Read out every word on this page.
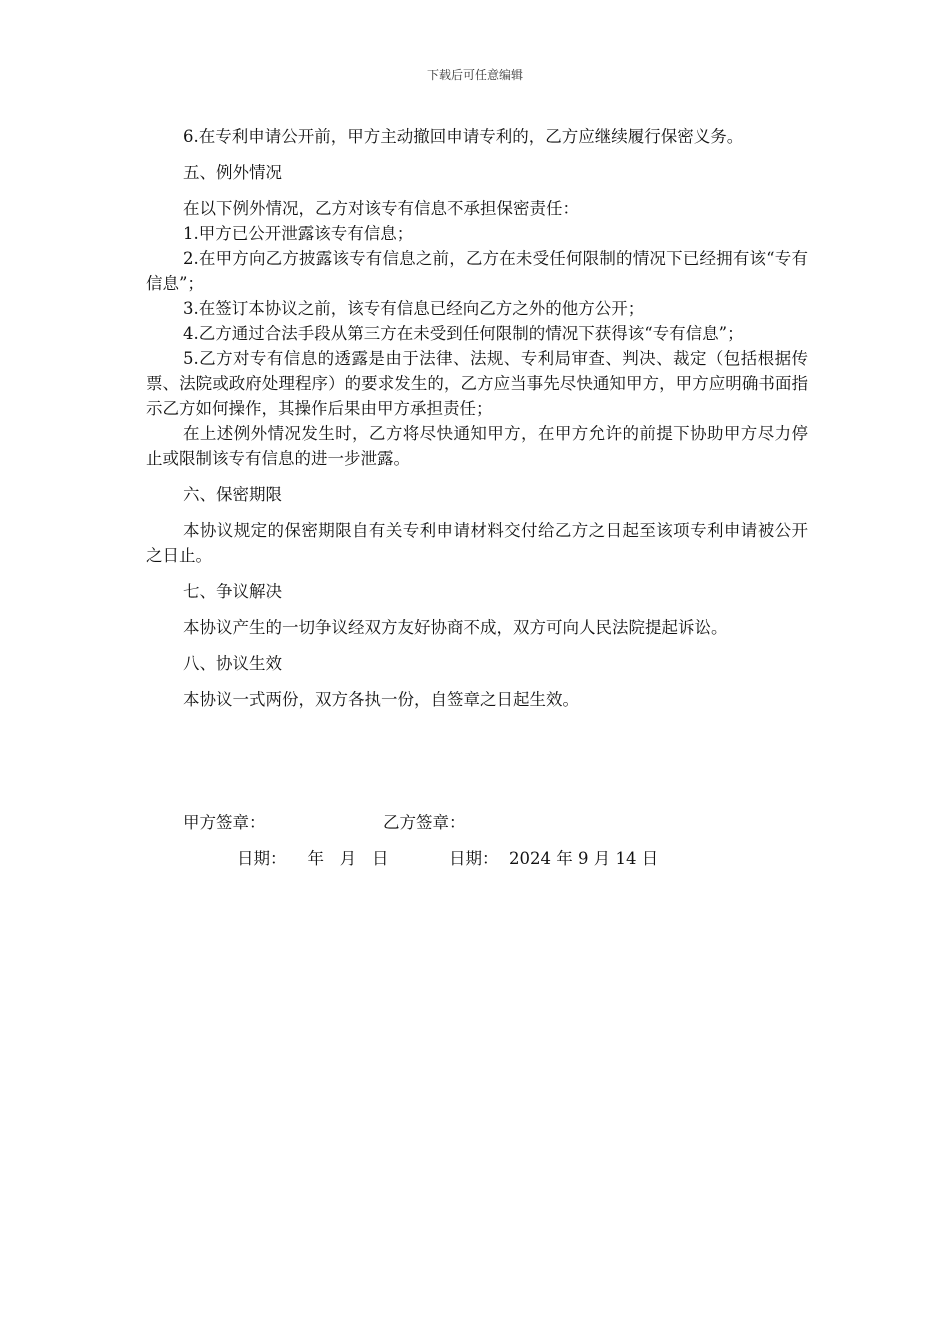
下载后可任意编辑

6.在专利申请公开前，甲方主动撤回申请专利的，乙方应继续履行保密义务。

五、例外情况

在以下例外情况，乙方对该专有信息不承担保密责任：

1.甲方已公开泄露该专有信息；

2.在甲方向乙方披露该专有信息之前，乙方在未受任何限制的情况下已经拥有该“专有信息”；

3.在签订本协议之前，该专有信息已经向乙方之外的他方公开；

4.乙方通过合法手段从第三方在未受到任何限制的情况下获得该“专有信息”；

5.乙方对专有信息的透露是由于法律、法规、专利局审查、判决、裁定（包括根据传票、法院或政府处理程序）的要求发生的，乙方应当事先尽快通知甲方，甲方应明确书面指示乙方如何操作，其操作后果由甲方承担责任；

在上述例外情况发生时，乙方将尽快通知甲方，在甲方允许的前提下协助甲方尽力停止或限制该专有信息的进一步泄露。

六、保密期限

本协议规定的保密期限自有关专利申请材料交付给乙方之日起至该项专利申请被公开之日止。

七、争议解决

本协议产生的一切争议经双方友好协商不成，双方可向人民法院提起诉讼。

八、协议生效

本协议一式两份，双方各执一份，自签章之日起生效。

甲方签章：	乙方签章：
日期：    年   月   日	日期：  2024 年 9 月 14 日
